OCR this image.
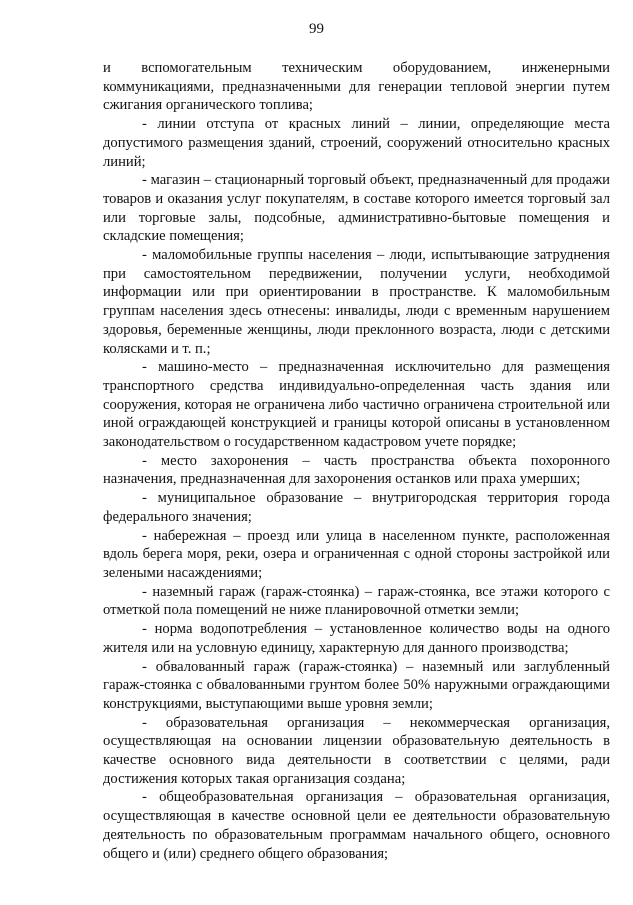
99

и вспомогательным техническим оборудованием, инженерными коммуникациями, предназначенными для генерации тепловой энергии путем сжигания органического топлива;

- линии отступа от красных линий – линии, определяющие места допустимого размещения зданий, строений, сооружений относительно красных линий;

- магазин – стационарный торговый объект, предназначенный для продажи товаров и оказания услуг покупателям, в составе которого имеется торговый зал или торговые залы, подсобные, административно-бытовые помещения и складские помещения;

- маломобильные группы населения – люди, испытывающие затруднения при самостоятельном передвижении, получении услуги, необходимой информации или при ориентировании в пространстве. К маломобильным группам населения здесь отнесены: инвалиды, люди с временным нарушением здоровья, беременные женщины, люди преклонного возраста, люди с детскими колясками и т. п.;

- машино-место – предназначенная исключительно для размещения транспортного средства индивидуально-определенная часть здания или сооружения, которая не ограничена либо частично ограничена строительной или иной ограждающей конструкцией и границы которой описаны в установленном законодательством о государственном кадастровом учете порядке;

- место захоронения – часть пространства объекта похоронного назначения, предназначенная для захоронения останков или праха умерших;

- муниципальное образование – внутригородская территория города федерального значения;

- набережная – проезд или улица в населенном пункте, расположенная вдоль берега моря, реки, озера и ограниченная с одной стороны застройкой или зелеными насаждениями;

- наземный гараж (гараж-стоянка) – гараж-стоянка, все этажи которого с отметкой пола помещений не ниже планировочной отметки земли;

- норма водопотребления – установленное количество воды на одного жителя или на условную единицу, характерную для данного производства;

- обвалованный гараж (гараж-стоянка) – наземный или заглубленный гараж-стоянка с обвалованными грунтом более 50% наружными ограждающими конструкциями, выступающими выше уровня земли;

- образовательная организация – некоммерческая организация, осуществляющая на основании лицензии образовательную деятельность в качестве основного вида деятельности в соответствии с целями, ради достижения которых такая организация создана;

- общеобразовательная организация – образовательная организация, осуществляющая в качестве основной цели ее деятельности образовательную деятельность по образовательным программам начального общего, основного общего и (или) среднего общего образования;
